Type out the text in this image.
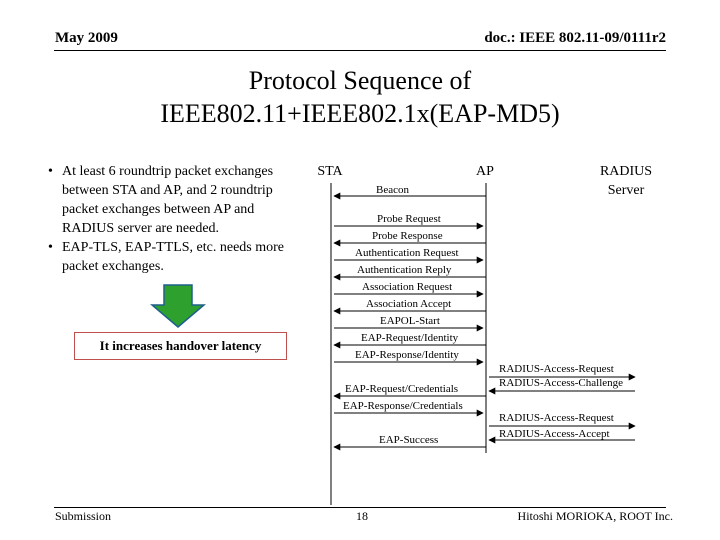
May 2009	doc.: IEEE 802.11-09/0111r2
Protocol Sequence of
IEEE802.11+IEEE802.1x(EAP-MD5)
• At least 6 roundtrip packet exchanges
between STA and AP, and 2 roundtrip
packet exchanges between AP and
RADIUS server are needed.
• EAP-TLS, EAP-TTLS, etc. needs more
packet exchanges.
It increases handover latency
STA	AP	RADIUS
Server
Beacon
Probe Request
Probe Response
Authentication Request
Authentication Reply
Association Request
Association Accept
EAPOL-Start
EAP-Request/Identity
EAP-Response/Identity
EAP-Request/Credentials
EAP-Response/Credentials
EAP-Success
RADIUS-Access-Request
RADIUS-Access-Challenge
RADIUS-Access-Request
RADIUS-Access-Accept
Submission	18	Hitoshi MORIOKA, ROOT Inc.
